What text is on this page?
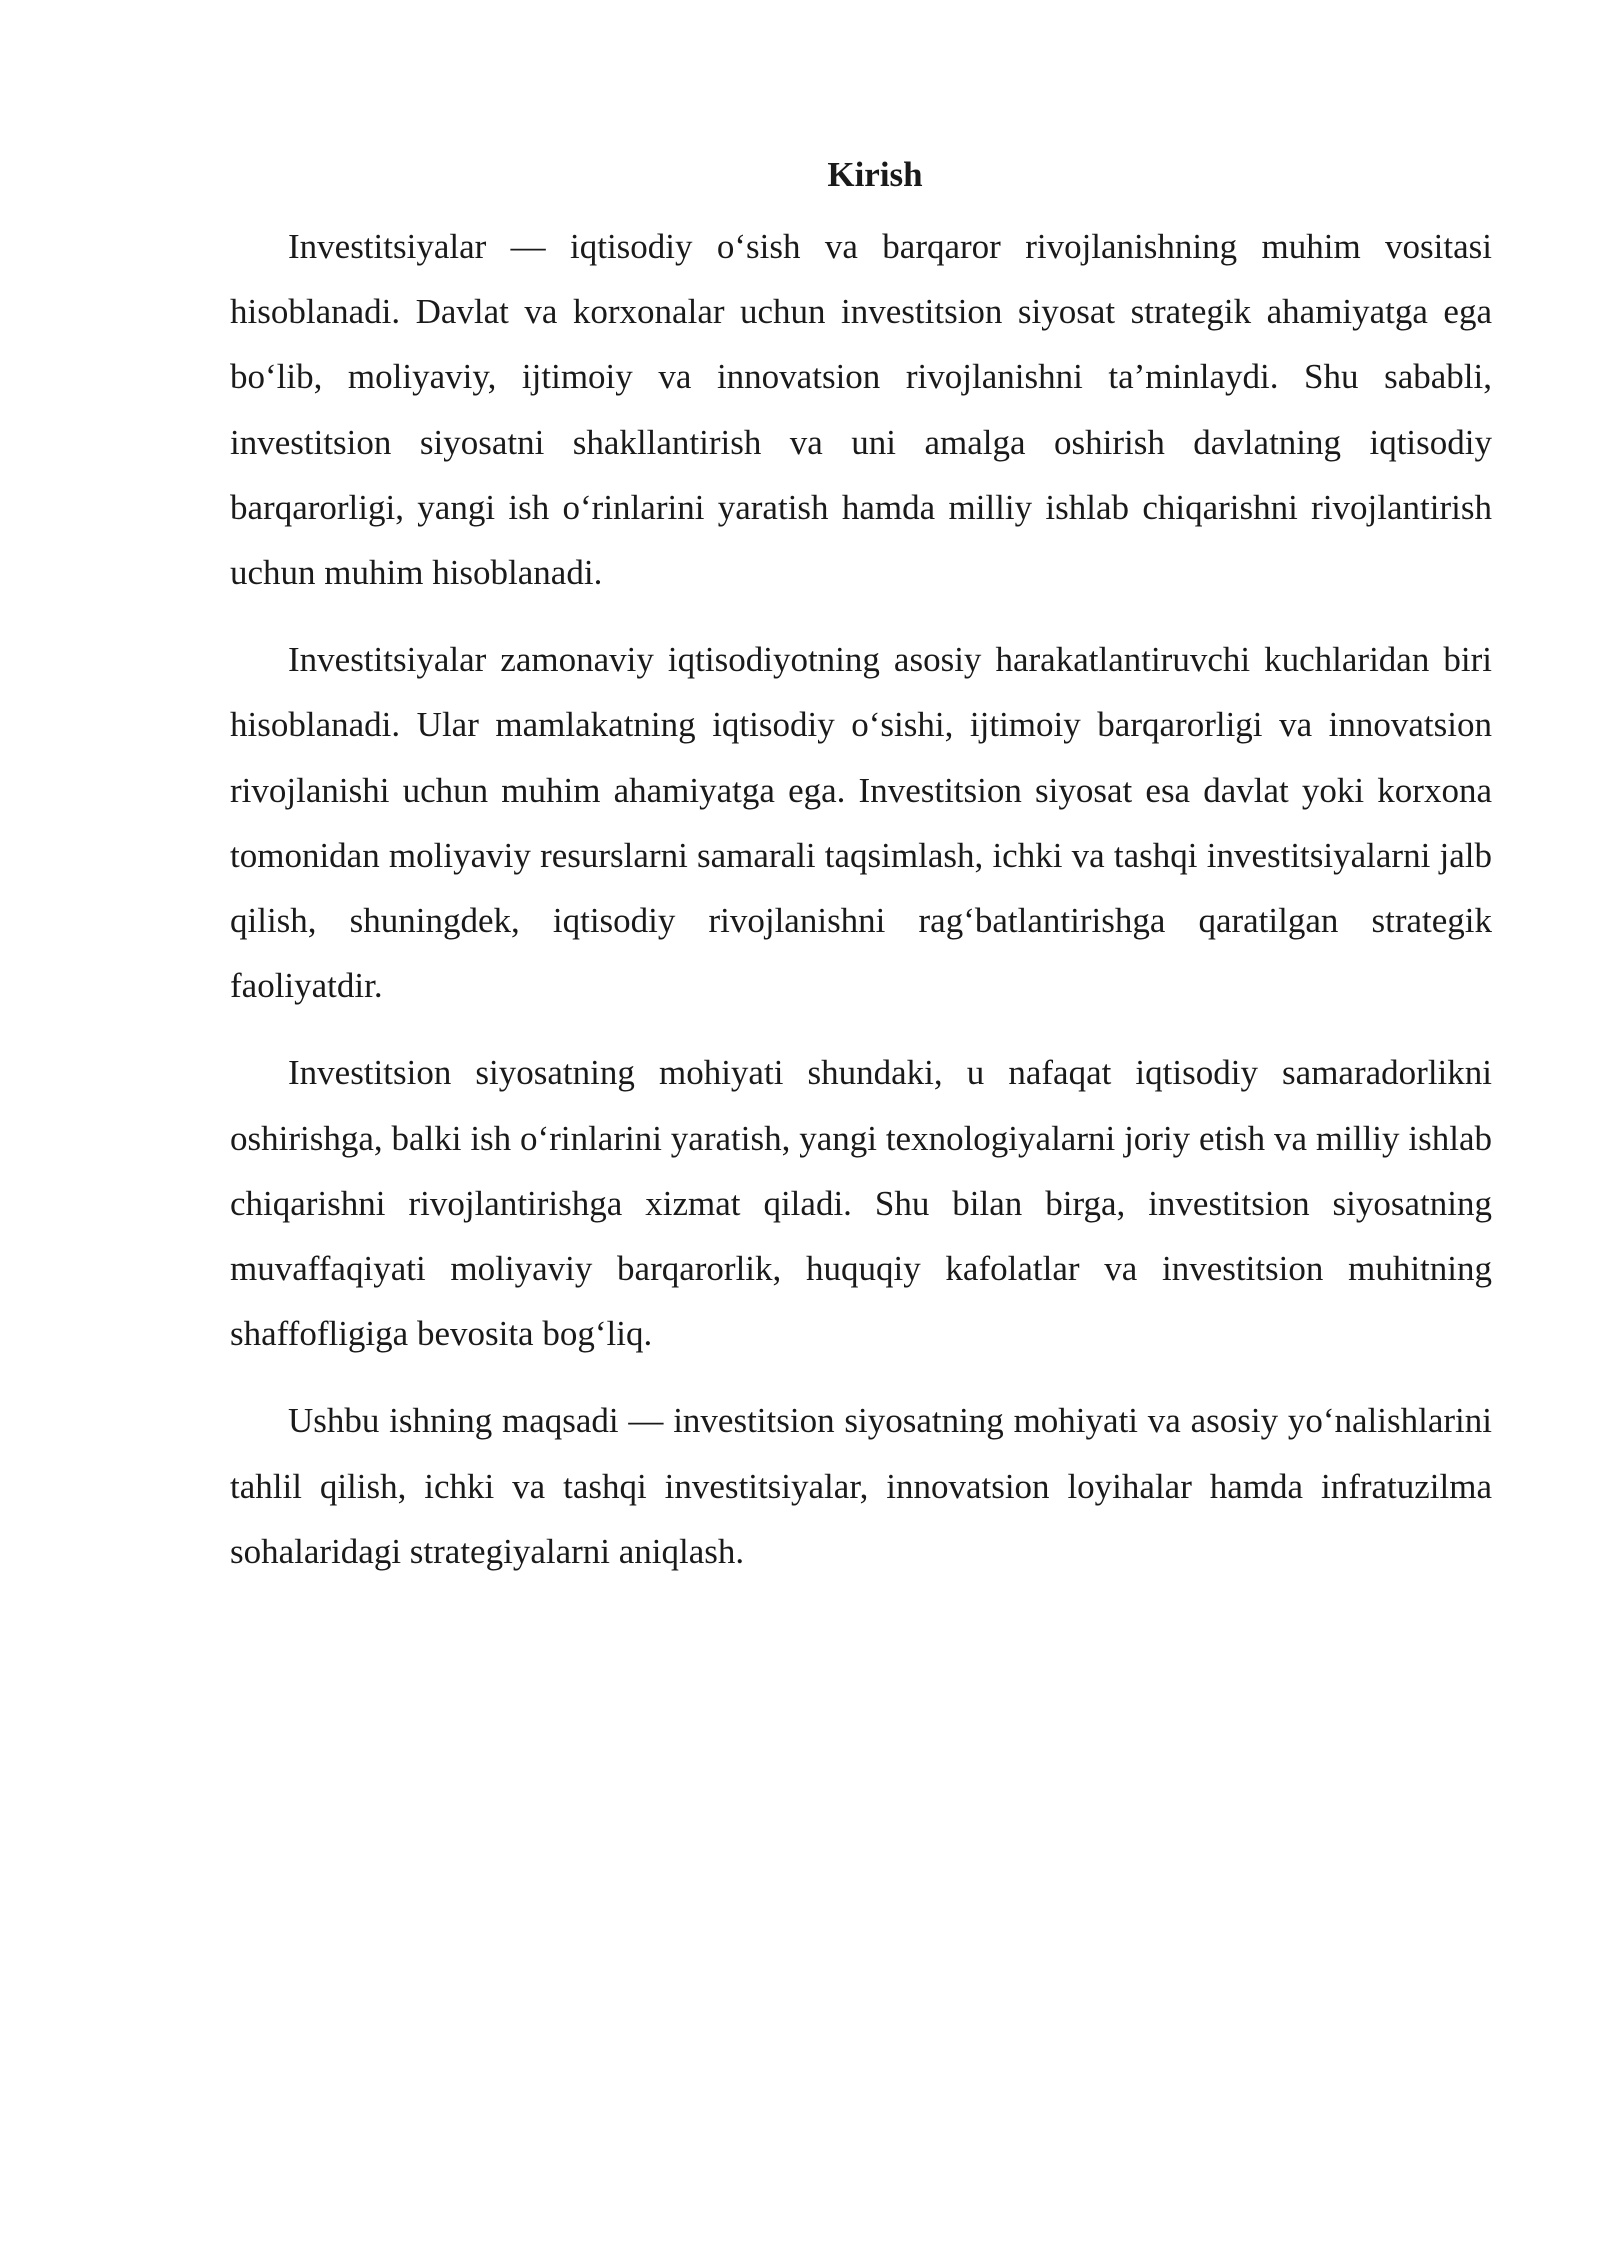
Kirish

Investitsiyalar — iqtisodiy o‘sish va barqaror rivojlanishning muhim vositasi hisoblanadi. Davlat va korxonalar uchun investitsion siyosat strategik ahamiyatga ega bo‘lib, moliyaviy, ijtimoiy va innovatsion rivojlanishni ta’minlaydi. Shu sababli, investitsion siyosatni shakllantirish va uni amalga oshirish davlatning iqtisodiy barqarorligi, yangi ish o‘rinlarini yaratish hamda milliy ishlab chiqarishni rivojlantirish uchun muhim hisoblanadi.

Investitsiyalar zamonaviy iqtisodiyotning asosiy harakatlantiruvchi kuchlaridan biri hisoblanadi. Ular mamlakatning iqtisodiy o‘sishi, ijtimoiy barqarorligi va innovatsion rivojlanishi uchun muhim ahamiyatga ega. Investitsion siyosat esa davlat yoki korxona tomonidan moliyaviy resurslarni samarali taqsimlash, ichki va tashqi investitsiyalarni jalb qilish, shuningdek, iqtisodiy rivojlanishni rag‘batlantirishga qaratilgan strategik faoliyatdir.

Investitsion siyosatning mohiyati shundaki, u nafaqat iqtisodiy samaradorlikni oshirishga, balki ish o‘rinlarini yaratish, yangi texnologiyalarni joriy etish va milliy ishlab chiqarishni rivojlantirishga xizmat qiladi. Shu bilan birga, investitsion siyosatning muvaffaqiyati moliyaviy barqarorlik, huquqiy kafolatlar va investitsion muhitning shaffofligiga bevosita bog‘liq.

Ushbu ishning maqsadi — investitsion siyosatning mohiyati va asosiy yo‘nalishlarini tahlil qilish, ichki va tashqi investitsiyalar, innovatsion loyihalar hamda infratuzilma sohalaridagi strategiyalarni aniqlash.
